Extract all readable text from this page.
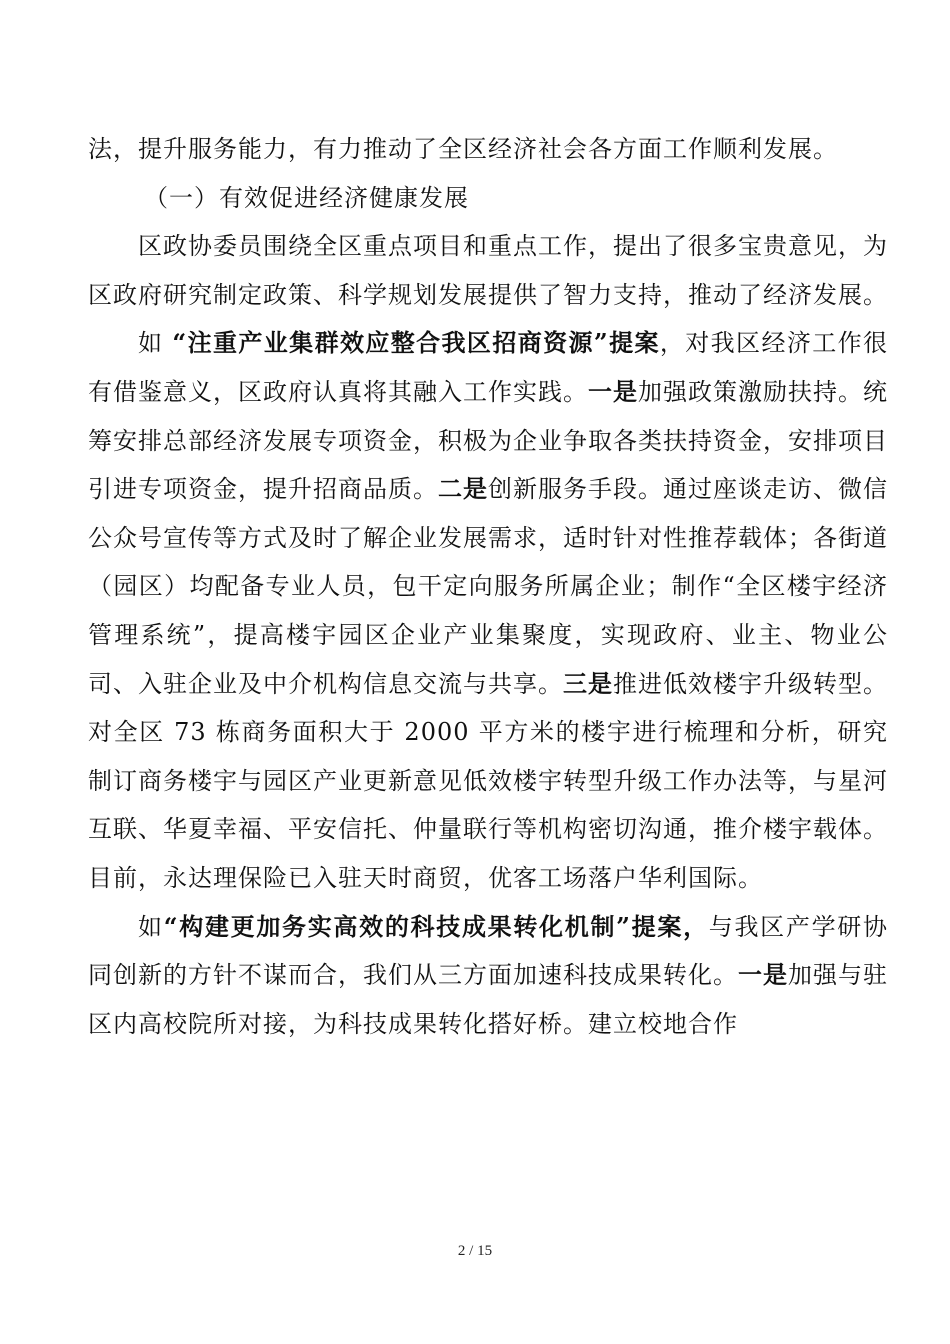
法，提升服务能力，有力推动了全区经济社会各方面工作顺利发展。

（一）有效促进经济健康发展

区政协委员围绕全区重点项目和重点工作，提出了很多宝贵意见，为区政府研究制定政策、科学规划发展提供了智力支持，推动了经济发展。

如 “注重产业集群效应整合我区招商资源”提案，对我区经济工作很有借鉴意义，区政府认真将其融入工作实践。一是加强政策激励扶持。统筹安排总部经济发展专项资金，积极为企业争取各类扶持资金，安排项目引进专项资金，提升招商品质。二是创新服务手段。通过座谈走访、微信公众号宣传等方式及时了解企业发展需求，适时针对性推荐载体；各街道（园区）均配备专业人员，包干定向服务所属企业；制作“全区楼宇经济管理系统”，提高楼宇园区企业产业集聚度，实现政府、业主、物业公司、入驻企业及中介机构信息交流与共享。三是推进低效楼宇升级转型。对全区 73 栋商务面积大于 2000 平方米的楼宇进行梳理和分析，研究制订商务楼宇与园区产业更新意见低效楼宇转型升级工作办法等，与星河互联、华夏幸福、平安信托、仲量联行等机构密切沟通，推介楼宇载体。目前，永达理保险已入驻天时商贸，优客工场落户华利国际。

如“构建更加务实高效的科技成果转化机制”提案，与我区产学研协同创新的方针不谋而合，我们从三方面加速科技成果转化。一是加强与驻区内高校院所对接，为科技成果转化搭好桥。建立校地合作

2 / 15
